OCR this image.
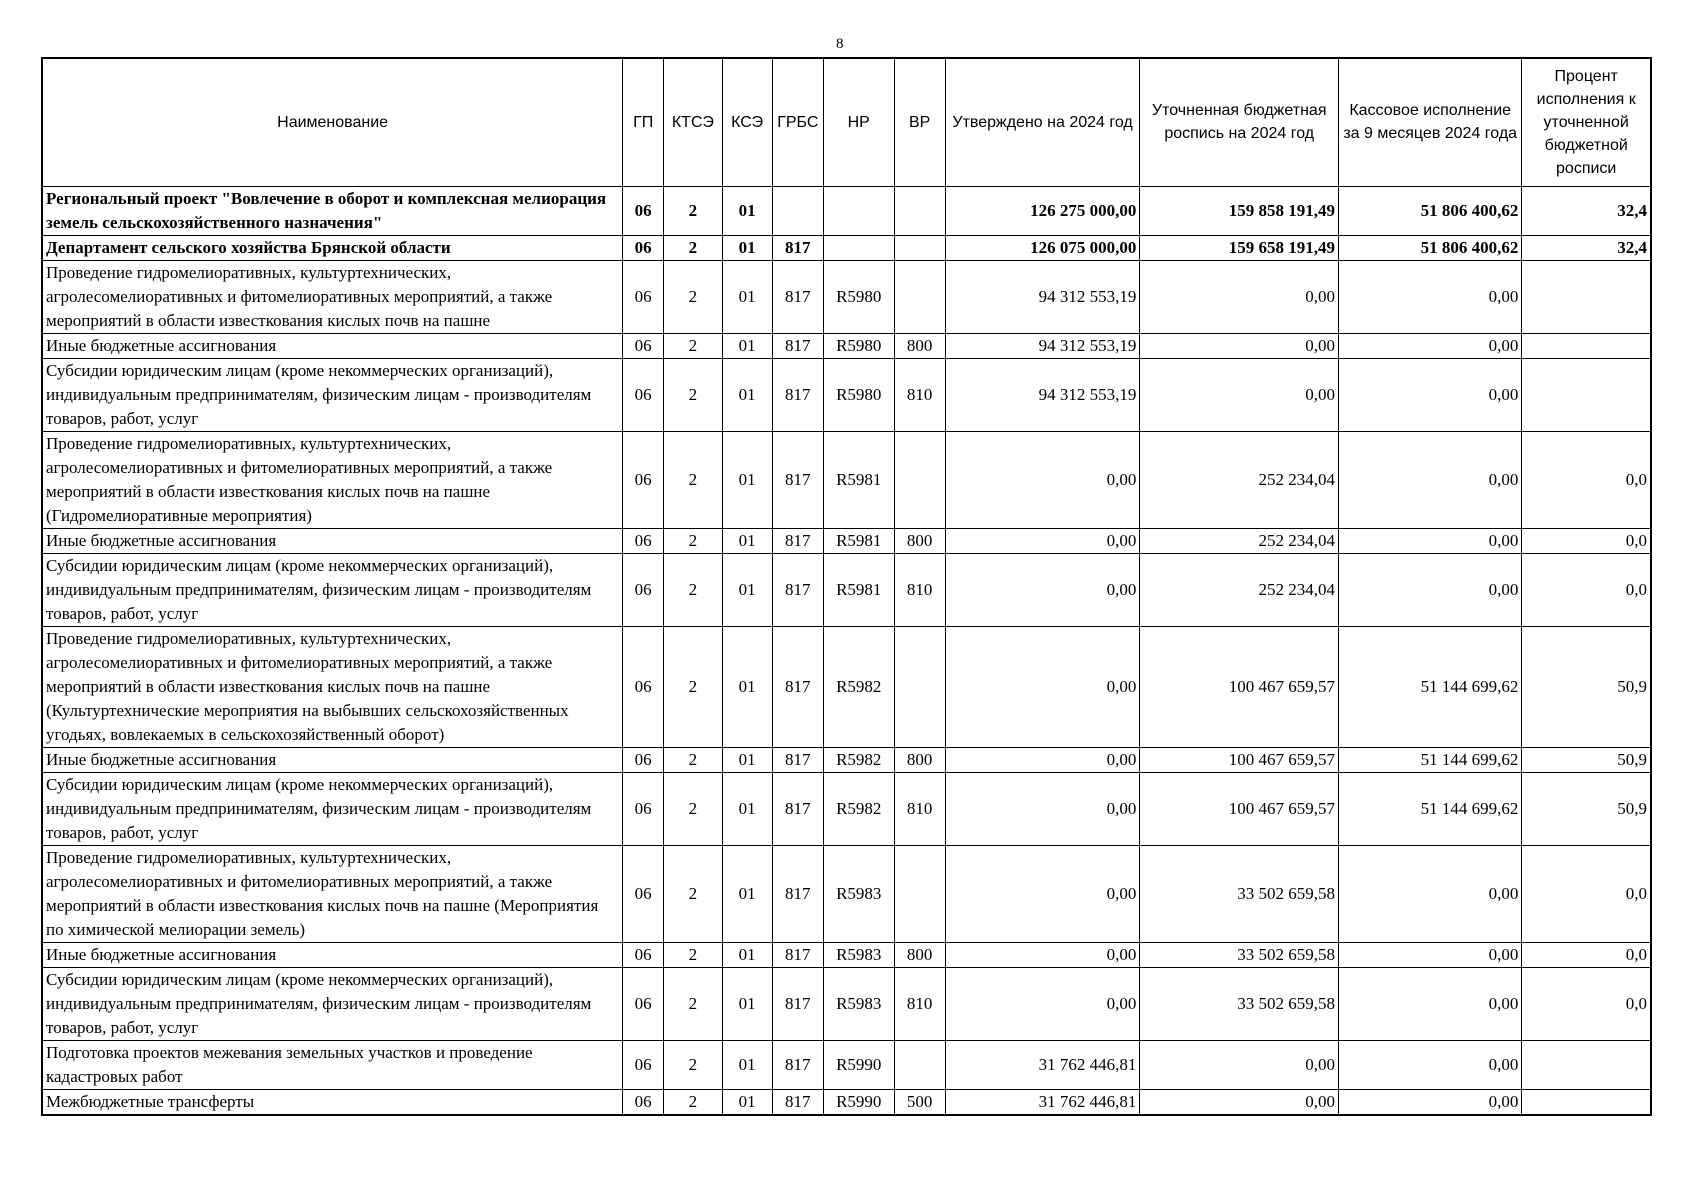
8
Наименование	ГП	КТСЭ	КСЭ	ГРБС	НР	ВР	Утверждено на 2024 год	Уточненная бюджетная роспись на 2024 год	Кассовое исполнение за 9 месяцев 2024 года	Процент исполнения к уточненной бюджетной росписи
Региональный проект "Вовлечение в оборот и комплексная мелиорация земель сельскохозяйственного назначения"	06	2	01				126 275 000,00	159 858 191,49	51 806 400,62	32,4
Департамент сельского хозяйства Брянской области	06	2	01	817			126 075 000,00	159 658 191,49	51 806 400,62	32,4
Проведение гидромелиоративных, культуртехнических, агролесомелиоративных и фитомелиоративных мероприятий, а также мероприятий в области известкования кислых почв на пашне	06	2	01	817	R5980		94 312 553,19	0,00	0,00	
Иные бюджетные ассигнования	06	2	01	817	R5980	800	94 312 553,19	0,00	0,00	
Субсидии юридическим лицам (кроме некоммерческих организаций), индивидуальным предпринимателям, физическим лицам - производителям товаров, работ, услуг	06	2	01	817	R5980	810	94 312 553,19	0,00	0,00	
Проведение гидромелиоративных, культуртехнических, агролесомелиоративных и фитомелиоративных мероприятий, а также мероприятий в области известкования кислых почв на пашне (Гидромелиоративные мероприятия)	06	2	01	817	R5981		0,00	252 234,04	0,00	0,0
Иные бюджетные ассигнования	06	2	01	817	R5981	800	0,00	252 234,04	0,00	0,0
Субсидии юридическим лицам (кроме некоммерческих организаций), индивидуальным предпринимателям, физическим лицам - производителям товаров, работ, услуг	06	2	01	817	R5981	810	0,00	252 234,04	0,00	0,0
Проведение гидромелиоративных, культуртехнических, агролесомелиоративных и фитомелиоративных мероприятий, а также мероприятий в области известкования кислых почв на пашне (Культуртехнические мероприятия на выбывших сельскохозяйственных угодьях, вовлекаемых в сельскохозяйственный оборот)	06	2	01	817	R5982		0,00	100 467 659,57	51 144 699,62	50,9
Иные бюджетные ассигнования	06	2	01	817	R5982	800	0,00	100 467 659,57	51 144 699,62	50,9
Субсидии юридическим лицам (кроме некоммерческих организаций), индивидуальным предпринимателям, физическим лицам - производителям товаров, работ, услуг	06	2	01	817	R5982	810	0,00	100 467 659,57	51 144 699,62	50,9
Проведение гидромелиоративных, культуртехнических, агролесомелиоративных и фитомелиоративных мероприятий, а также мероприятий в области известкования кислых почв на пашне (Мероприятия по химической мелиорации земель)	06	2	01	817	R5983		0,00	33 502 659,58	0,00	0,0
Иные бюджетные ассигнования	06	2	01	817	R5983	800	0,00	33 502 659,58	0,00	0,0
Субсидии юридическим лицам (кроме некоммерческих организаций), индивидуальным предпринимателям, физическим лицам - производителям товаров, работ, услуг	06	2	01	817	R5983	810	0,00	33 502 659,58	0,00	0,0
Подготовка проектов межевания земельных участков и проведение кадастровых работ	06	2	01	817	R5990		31 762 446,81	0,00	0,00	
Межбюджетные трансферты	06	2	01	817	R5990	500	31 762 446,81	0,00	0,00	
